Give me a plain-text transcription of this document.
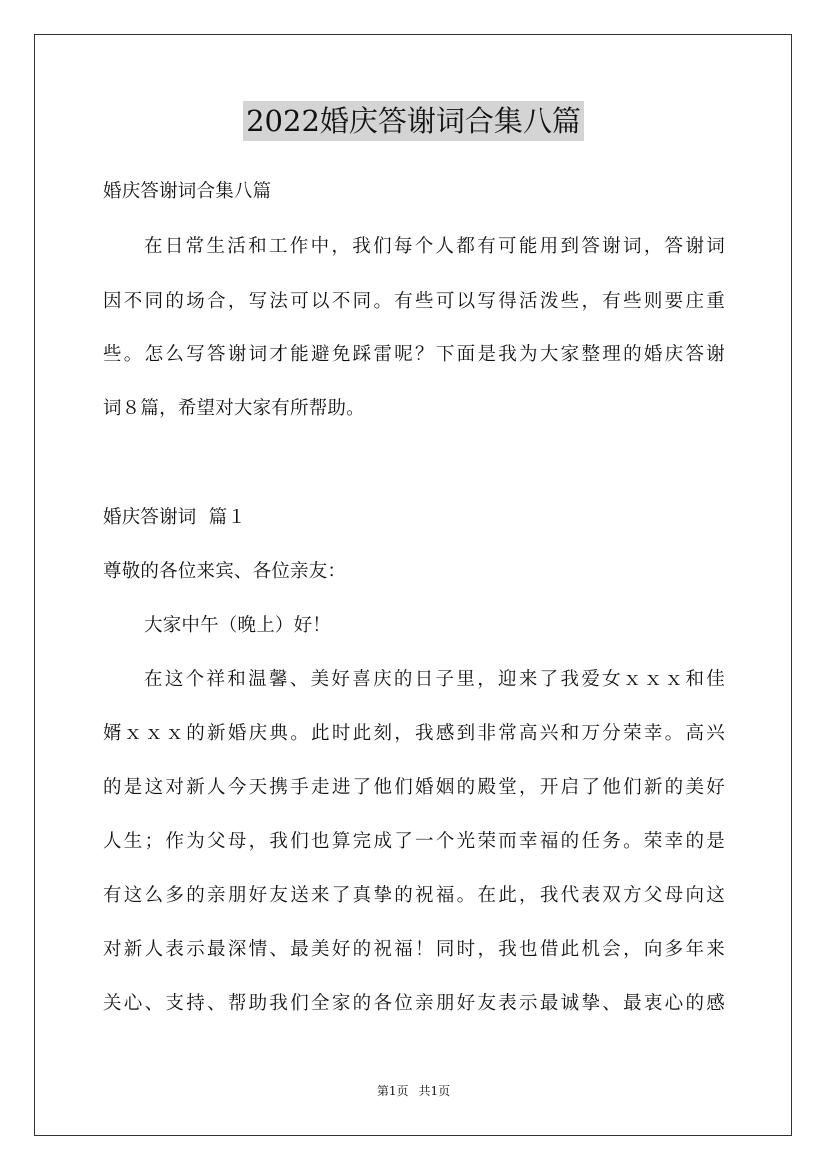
2022婚庆答谢词合集八篇
婚庆答谢词合集八篇
在日常生活和工作中，我们每个人都有可能用到答谢词，答谢词
因不同的场合，写法可以不同。有些可以写得活泼些，有些则要庄重
些。怎么写答谢词才能避免踩雷呢？下面是我为大家整理的婚庆答谢
词８篇，希望对大家有所帮助。
婚庆答谢词  篇１
尊敬的各位来宾、各位亲友：
大家中午（晚上）好！
在这个祥和温馨、美好喜庆的日子里，迎来了我爱女ｘｘｘ和佳
婿ｘｘｘ的新婚庆典。此时此刻，我感到非常高兴和万分荣幸。高兴
的是这对新人今天携手走进了他们婚姻的殿堂，开启了他们新的美好
人生；作为父母，我们也算完成了一个光荣而幸福的任务。荣幸的是
有这么多的亲朋好友送来了真挚的祝福。在此，我代表双方父母向这
对新人表示最深情、最美好的祝福！同时，我也借此机会，向多年来
关心、支持、帮助我们全家的各位亲朋好友表示最诚挚、最衷心的感
第1页 共1页
